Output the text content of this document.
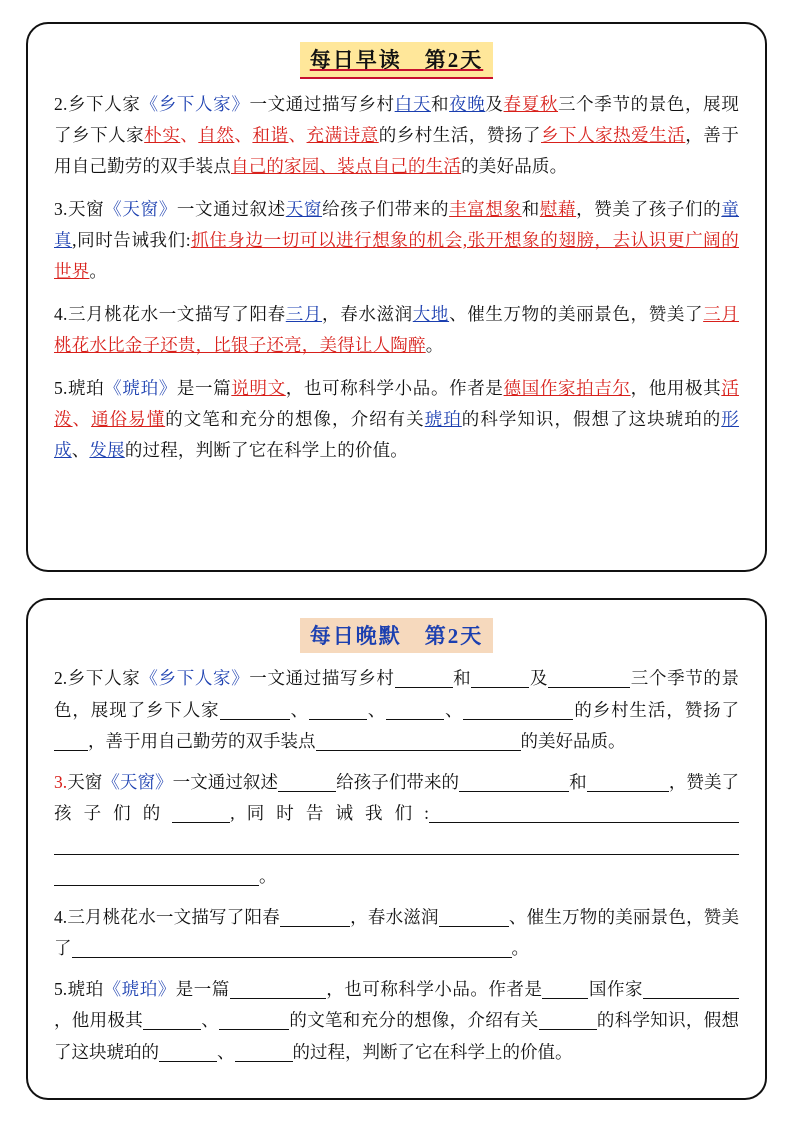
每日早读　第2天

2.乡下人家《乡下人家》一文通过描写乡村白天和夜晚及春夏秋三个季节的景色，展现了乡下人家朴实、自然、和谐、充满诗意的乡村生活，赞扬了乡下人家热爱生活，善于用自己勤劳的双手装点自己的家园、装点自己的生活的美好品质。

3.天窗《天窗》一文通过叙述天窗给孩子们带来的丰富想象和慰藉，赞美了孩子们的童真,同时告诫我们:抓住身边一切可以进行想象的机会,张开想象的翅膀，去认识更广阔的世界。

4.三月桃花水一文描写了阳春三月，春水滋润大地、催生万物的美丽景色，赞美了三月桃花水比金子还贵，比银子还亮，美得让人陶醉。

5.琥珀《琥珀》是一篇说明文，也可称科学小品。作者是德国作家拍吉尔，他用极其活泼、通俗易懂的文笔和充分的想像，介绍有关琥珀的科学知识，假想了这块琥珀的形成、发展的过程，判断了它在科学上的价值。

每日晚默　第2天

2.乡下人家《乡下人家》一文通过描写乡村	和	及	三个季节的景色，展现了乡下人家	、	、	、	的乡村生活，赞扬了，善于用自己勤劳的双手装点	的美好品质。

3.天窗《天窗》一文通过叙述	给孩子们带来的	和	，赞美了孩子们的	,同时告诫我们:。

4.三月桃花水一文描写了阳春	，春水滋润	、催生万物的美丽景色，赞美了	。

5.琥珀《琥珀》是一篇	，也可称科学小品。作者是	国作家，他用极其	、	的文笔和充分的想像，介绍有关	的科学知识，假想了这块琥珀的	、	的过程，判断了它在科学上的价值。
